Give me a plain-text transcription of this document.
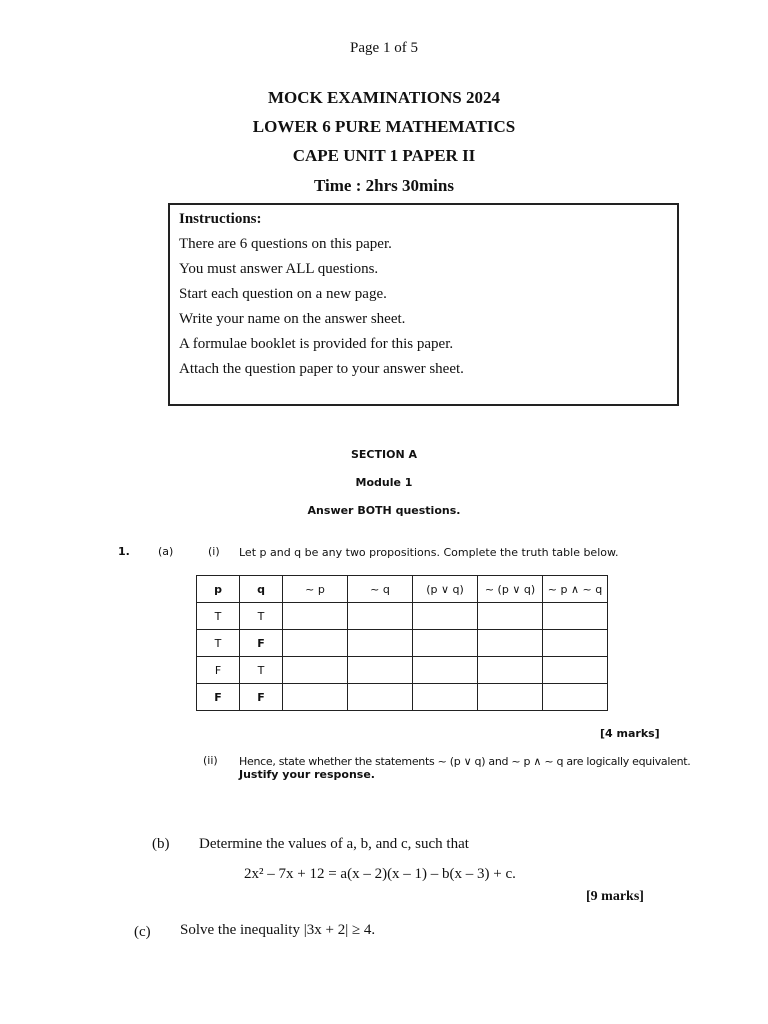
Page 1 of 5
MOCK EXAMINATIONS 2024
LOWER 6 PURE MATHEMATICS
CAPE UNIT 1 PAPER II
Time : 2hrs 30mins
Instructions:
There are 6 questions on this paper.
You must answer ALL questions.
Start each question on a new page.
Write your name on the answer sheet.
A formulae booklet is provided for this paper.
Attach the question paper to your answer sheet.
SECTION A
Module 1
Answer BOTH questions.
1.	(a)	(i) Let p and q be any two propositions. Complete the truth table below.
p	q	~ p	~ q	(p ∨ q)	~ (p ∨ q)	~ p ∧ ~ q
T	T					
T	F					
F	T					
F	F					
[4 marks]
(ii) Hence, state whether the statements ~ (p ∨ q) and ~ p ∧ ~ q are logically equivalent.
Justify your response.
(b) Determine the values of a, b, and c, such that
2x² – 7x + 12 = a(x – 2)(x – 1) – b(x – 3) + c.
[9 marks]
(c) Solve the inequality |3x + 2| ≥ 4.
